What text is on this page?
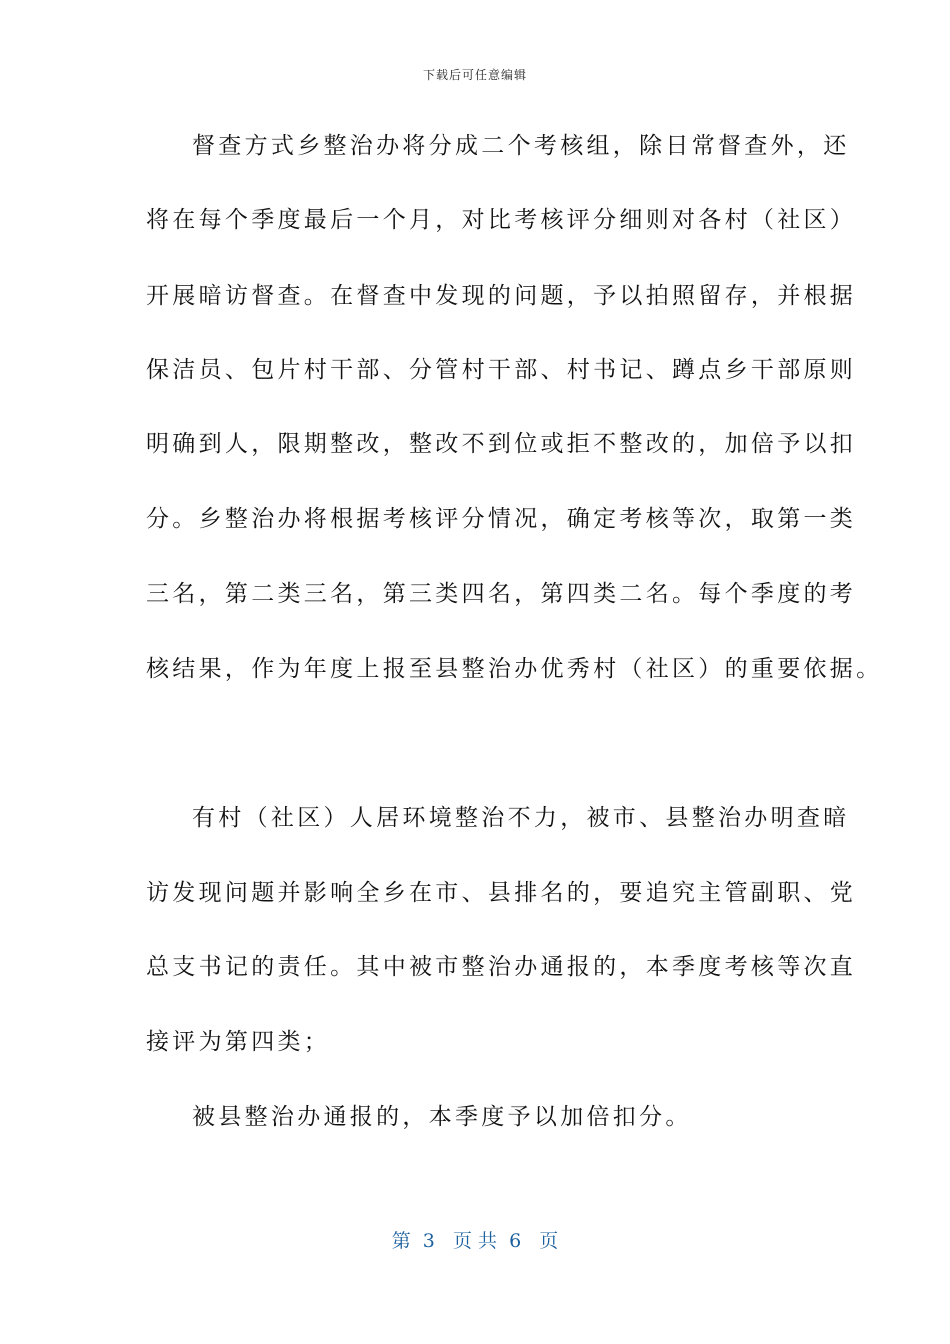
下载后可任意编辑
督查方式乡整治办将分成二个考核组，除日常督查外，还
将在每个季度最后一个月，对比考核评分细则对各村（社区）
开展暗访督查。在督查中发现的问题，予以拍照留存，并根据
保洁员、包片村干部、分管村干部、村书记、蹲点乡干部原则
明确到人，限期整改，整改不到位或拒不整改的，加倍予以扣
分。乡整治办将根据考核评分情况，确定考核等次，取第一类
三名，第二类三名，第三类四名，第四类二名。每个季度的考
核结果，作为年度上报至县整治办优秀村（社区）的重要依据。
有村（社区）人居环境整治不力，被市、县整治办明查暗
访发现问题并影响全乡在市、县排名的，要追究主管副职、党
总支书记的责任。其中被市整治办通报的，本季度考核等次直
接评为第四类；
被县整治办通报的，本季度予以加倍扣分。
第  3   页 共  6   页
